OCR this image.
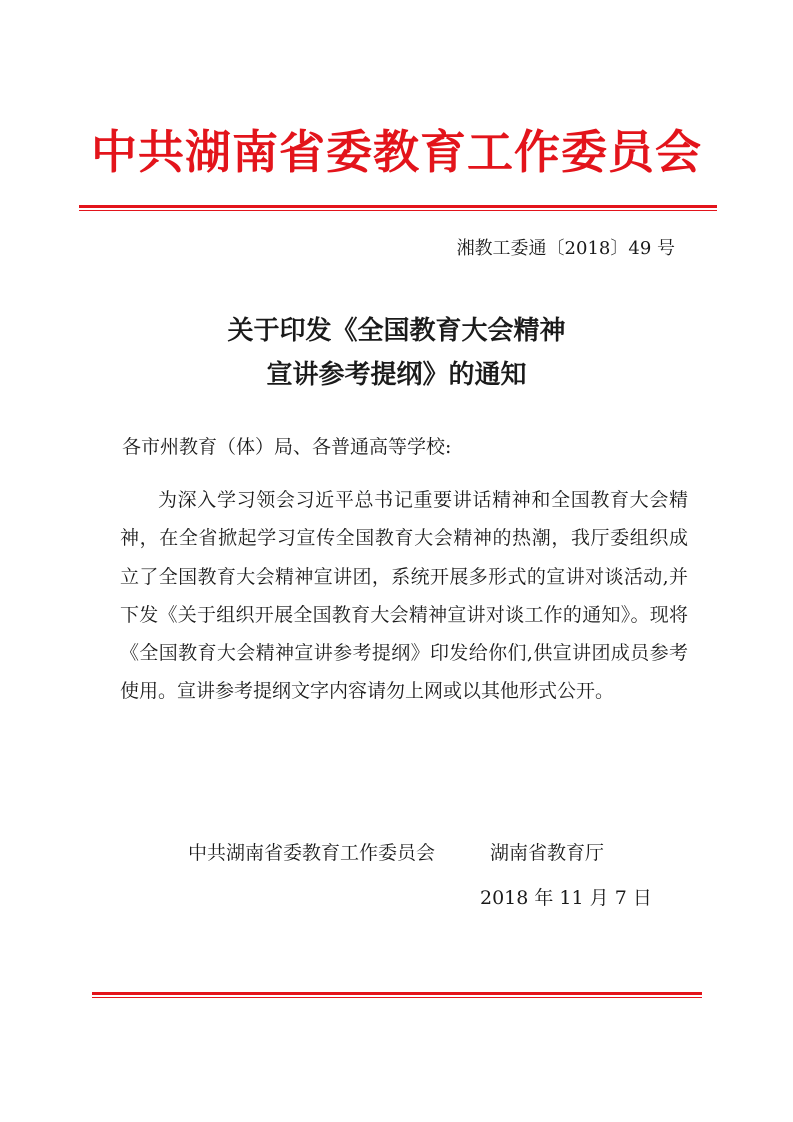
中共湖南省委教育工作委员会
湘教工委通〔2018〕49 号
关于印发《全国教育大会精神
宣讲参考提纲》的通知
各市州教育（体）局、各普通高等学校:

为深入学习领会习近平总书记重要讲话精神和全国教育大会精神，在全省掀起学习宣传全国教育大会精神的热潮，我厅委组织成立了全国教育大会精神宣讲团，系统开展多形式的宣讲对谈活动,并下发《关于组织开展全国教育大会精神宣讲对谈工作的通知》。现将《全国教育大会精神宣讲参考提纲》印发给你们,供宣讲团成员参考使用。宣讲参考提纲文字内容请勿上网或以其他形式公开。

中共湖南省委教育工作委员会	湖南省教育厅
2018 年 11 月 7 日
